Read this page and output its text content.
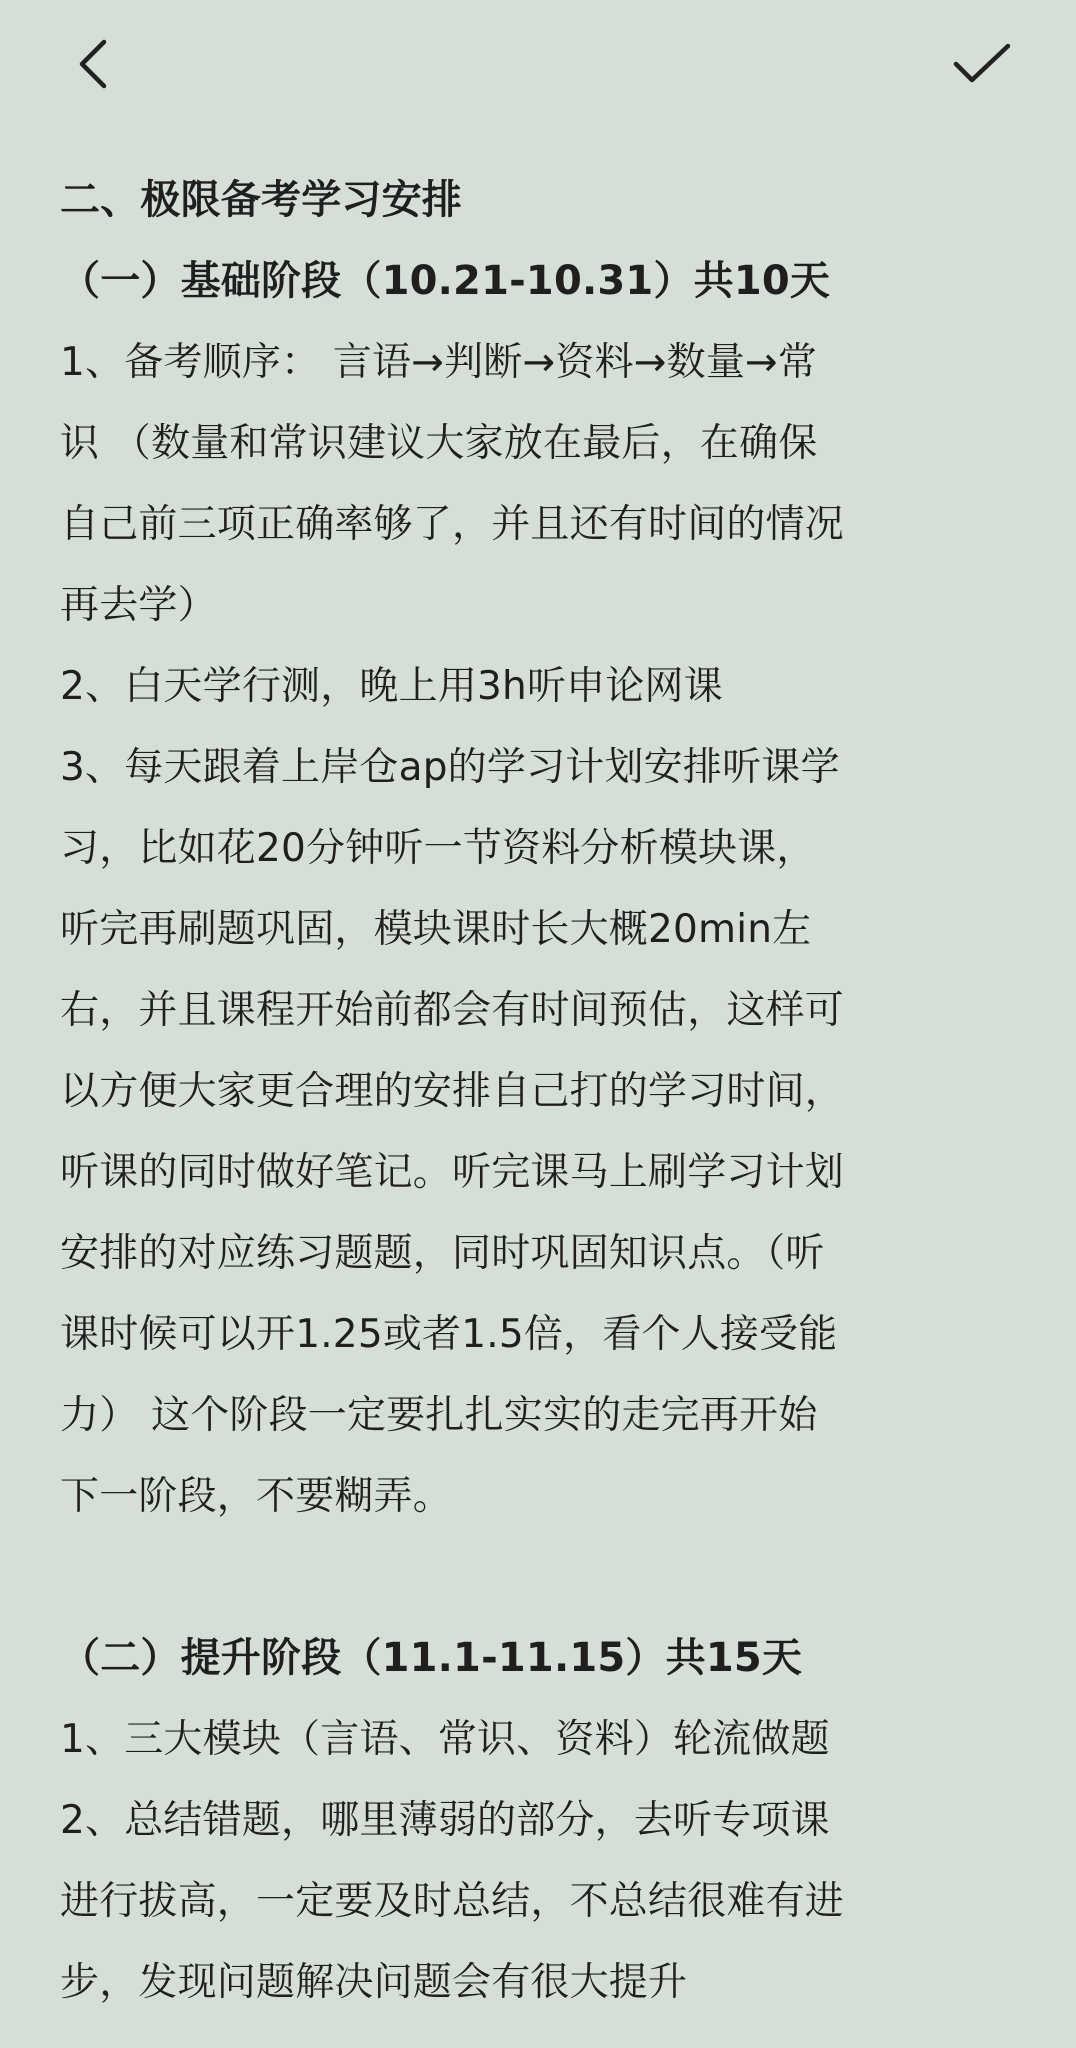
二、极限备考学习安排
（一）基础阶段（10.21-10.31）共10天
1、备考顺序： 言语→判断→资料→数量→常
识 （数量和常识建议大家放在最后，在确保
自己前三项正确率够了，并且还有时间的情况
再去学）
2、白天学行测，晚上用3h听申论网课
3、每天跟着上岸仓ap的学习计划安排听课学
习，比如花20分钟听一节资料分析模块课，
听完再刷题巩固，模块课时长大概20min左
右，并且课程开始前都会有时间预估，这样可
以方便大家更合理的安排自己打的学习时间，
听课的同时做好笔记。听完课马上刷学习计划
安排的对应练习题题，同时巩固知识点。（听
课时候可以开1.25或者1.5倍，看个人接受能
力） 这个阶段一定要扎扎实实的走完再开始
下一阶段，不要糊弄。
（二）提升阶段（11.1-11.15）共15天
1、三大模块（言语、常识、资料）轮流做题
2、总结错题，哪里薄弱的部分，去听专项课
进行拔高，一定要及时总结，不总结很难有进
步，发现问题解决问题会有很大提升
